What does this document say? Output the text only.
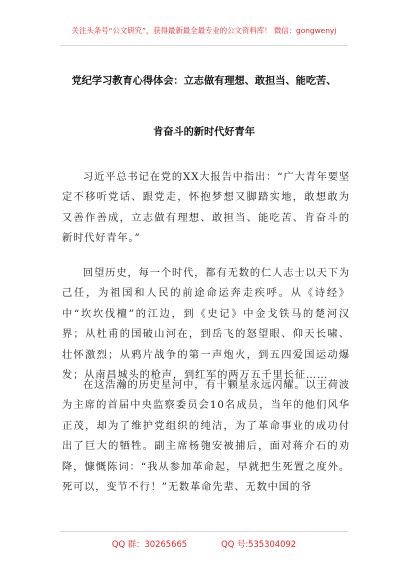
关注头条号“公文研究”，获得最新最全最专业的公文资料库！ 微信：gongwenyj
党纪学习教育心得体会：立志做有理想、敢担当、能吃苦、
肯奋斗的新时代好青年
习近平总书记在党的XX大报告中指出：“广大青年要坚定不移听党话、跟党走，怀抱梦想又脚踏实地，敢想敢为又善作善成，立志做有理想、敢担当、能吃苦、肯奋斗的新时代好青年。”
回望历史，每一个时代，都有无数的仁人志士以天下为己任，为祖国和人民的前途命运奔走疾呼。从《诗经》中“坎坎伐檀”的江边，到《史记》中金戈铁马的楚河汉界；从杜甫的国破山河在，到岳飞的怒望眼、仰天长啸、壮怀激烈；从鸦片战争的第一声炮火，到五四爱国运动爆发；从南昌城头的枪声，到红军的两万五千里长征……
在这浩瀚的历史星河中，有十颗星永远闪耀。以王荷波为主席的首届中央监察委员会10名成员，当年的他们风华正茂，却为了维护党组织的纯洁，为了革命事业的成功付出了巨大的牺牲。副主席杨匏安被捕后，面对蒋介石的劝降，慷慨陈词：“我从参加革命起，早就把生死置之度外。死可以，变节不行！”无数革命先辈、无数中国的爷
QQ 群：30265665	QQ 号:535304092
